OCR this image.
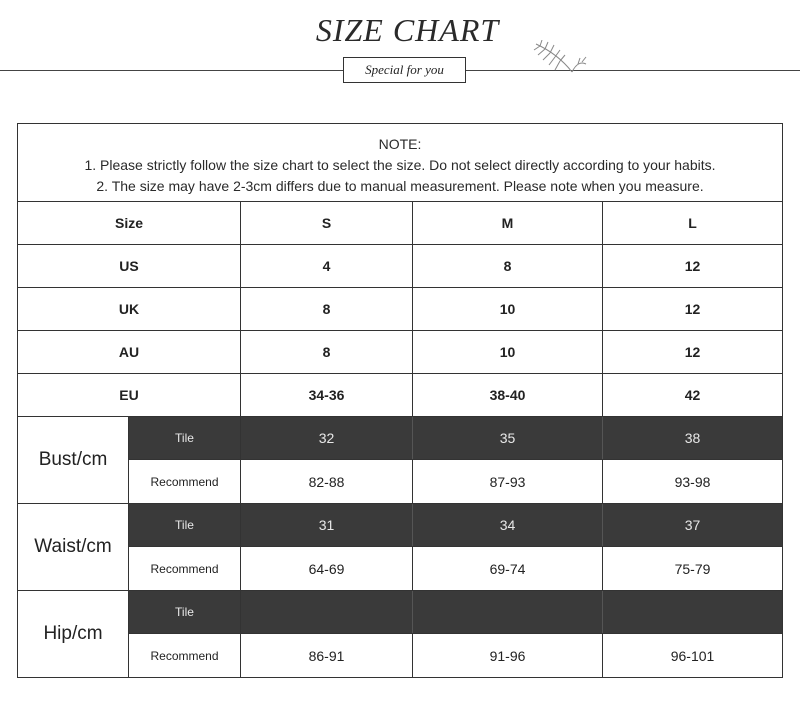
SIZE CHART
Special for you
NOTE:
1. Please strictly follow the size chart to select the size. Do not select directly according to your habits.
2. The size may have 2-3cm differs due to manual measurement. Please note when you measure.
Size	S	M	L
US	4	8	12
UK	8	10	12
AU	8	10	12
EU	34-36	38-40	42
Bust/cm
Tile	32	35	38
Recommend	82-88	87-93	93-98
Waist/cm
Tile	31	34	37
Recommend	64-69	69-74	75-79
Hip/cm
Tile
Recommend	86-91	91-96	96-101
